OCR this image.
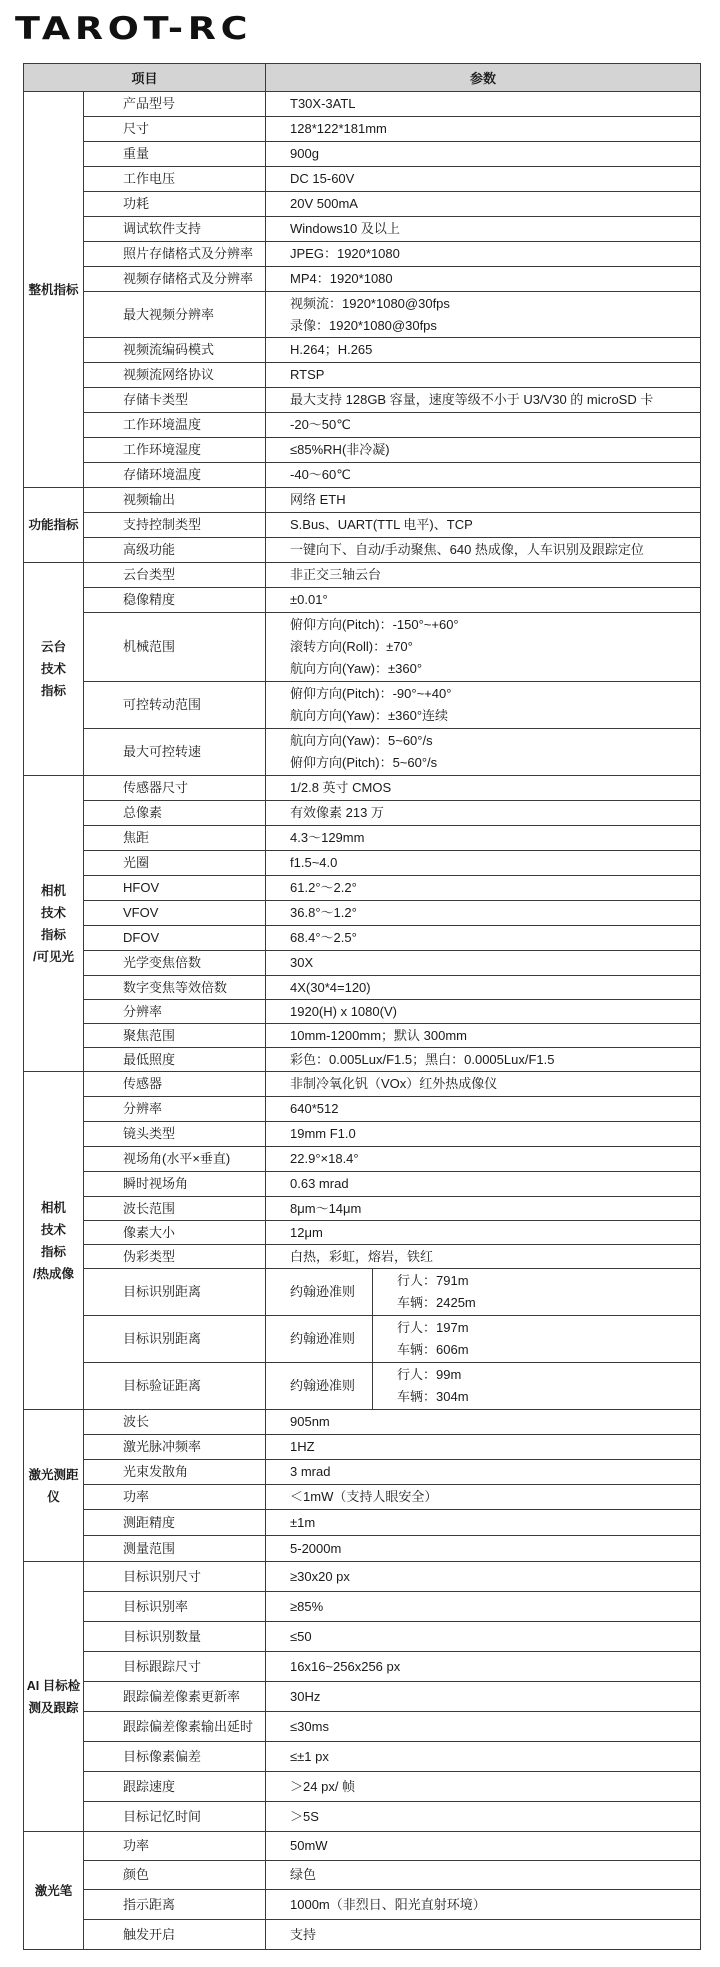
TAROT-RC
项目		参数	
整机指标	产品型号	T30X-3ATL	
	尺寸	128*122*181mm	
	重量	900g	
	工作电压	DC 15-60V	
	功耗	20V 500mA	
	调试软件支持	Windows10 及以上	
	照片存储格式及分辨率	JPEG：1920*1080	
	视频存储格式及分辨率	MP4：1920*1080	
	最大视频分辨率	视频流：1920*1080@30fps
录像：1920*1080@30fps	
	视频流编码模式	H.264；H.265	
	视频流网络协议	RTSP	
	存储卡类型	最大支持 128GB 容量，速度等级不小于 U3/V30 的 microSD 卡	
	工作环境温度	-20～50℃	
	工作环境湿度	≤85%RH(非冷凝)	
	存储环境温度	-40～60℃	
功能指标	视频输出	网络 ETH	
	支持控制类型	S.Bus、UART(TTL 电平)、TCP	
	高级功能	一键向下、自动/手动聚焦、640 热成像，人车识别及跟踪定位	
云台
技术
指标	云台类型	非正交三轴云台	
	稳像精度	±0.01°	
	机械范围	俯仰方向(Pitch)：-150°~+60°
滚转方向(Roll)：±70°
航向方向(Yaw)：±360°	
	可控转动范围	俯仰方向(Pitch)：-90°~+40°
航向方向(Yaw)：±360°连续	
	最大可控转速	航向方向(Yaw)：5~60°/s
俯仰方向(Pitch)：5~60°/s	
相机
技术
指标
/可见光	传感器尺寸	1/2.8 英寸 CMOS	
	总像素	有效像素 213 万	
	焦距	4.3～129mm	
	光圈	f1.5~4.0	
	HFOV	61.2°～2.2°	
	VFOV	36.8°～1.2°	
	DFOV	68.4°～2.5°	
	光学变焦倍数	30X	
	数字变焦等效倍数	4X(30*4=120)	
	分辨率	1920(H) x 1080(V)	
	聚焦范围	10mm-1200mm；默认 300mm	
	最低照度	彩色：0.005Lux/F1.5；黑白：0.0005Lux/F1.5	
相机
技术
指标
/热成像	传感器	非制冷氧化钒（VOx）红外热成像仪	
	分辨率	640*512	
	镜头类型	19mm F1.0	
	视场角(水平×垂直)	22.9°×18.4°	
	瞬时视场角	0.63 mrad	
	波长范围	8μm～14μm	
	像素大小	12μm	
	伪彩类型	白热，彩虹，熔岩，铁红	
	目标识别距离	约翰逊准则	行人：791m
车辆：2425m
	目标识别距离	约翰逊准则	行人：197m
车辆：606m
	目标验证距离	约翰逊准则	行人：99m
车辆：304m
激光测距
仪	波长	905nm	
	激光脉冲频率	1HZ	
	光束发散角	3 mrad	
	功率	＜1mW（支持人眼安全）	
	测距精度	±1m	
	测量范围	5-2000m	
AI 目标检
测及跟踪	目标识别尺寸	≥30x20 px	
	目标识别率	≥85%	
	目标识别数量	≤50	
	目标跟踪尺寸	16x16~256x256 px	
	跟踪偏差像素更新率	30Hz	
	跟踪偏差像素输出延时	≤30ms	
	目标像素偏差	≤±1 px	
	跟踪速度	＞24 px/ 帧	
	目标记忆时间	＞5S	
激光笔	功率	50mW	
	颜色	绿色	
	指示距离	1000m（非烈日、阳光直射环境）	
	触发开启	支持	
